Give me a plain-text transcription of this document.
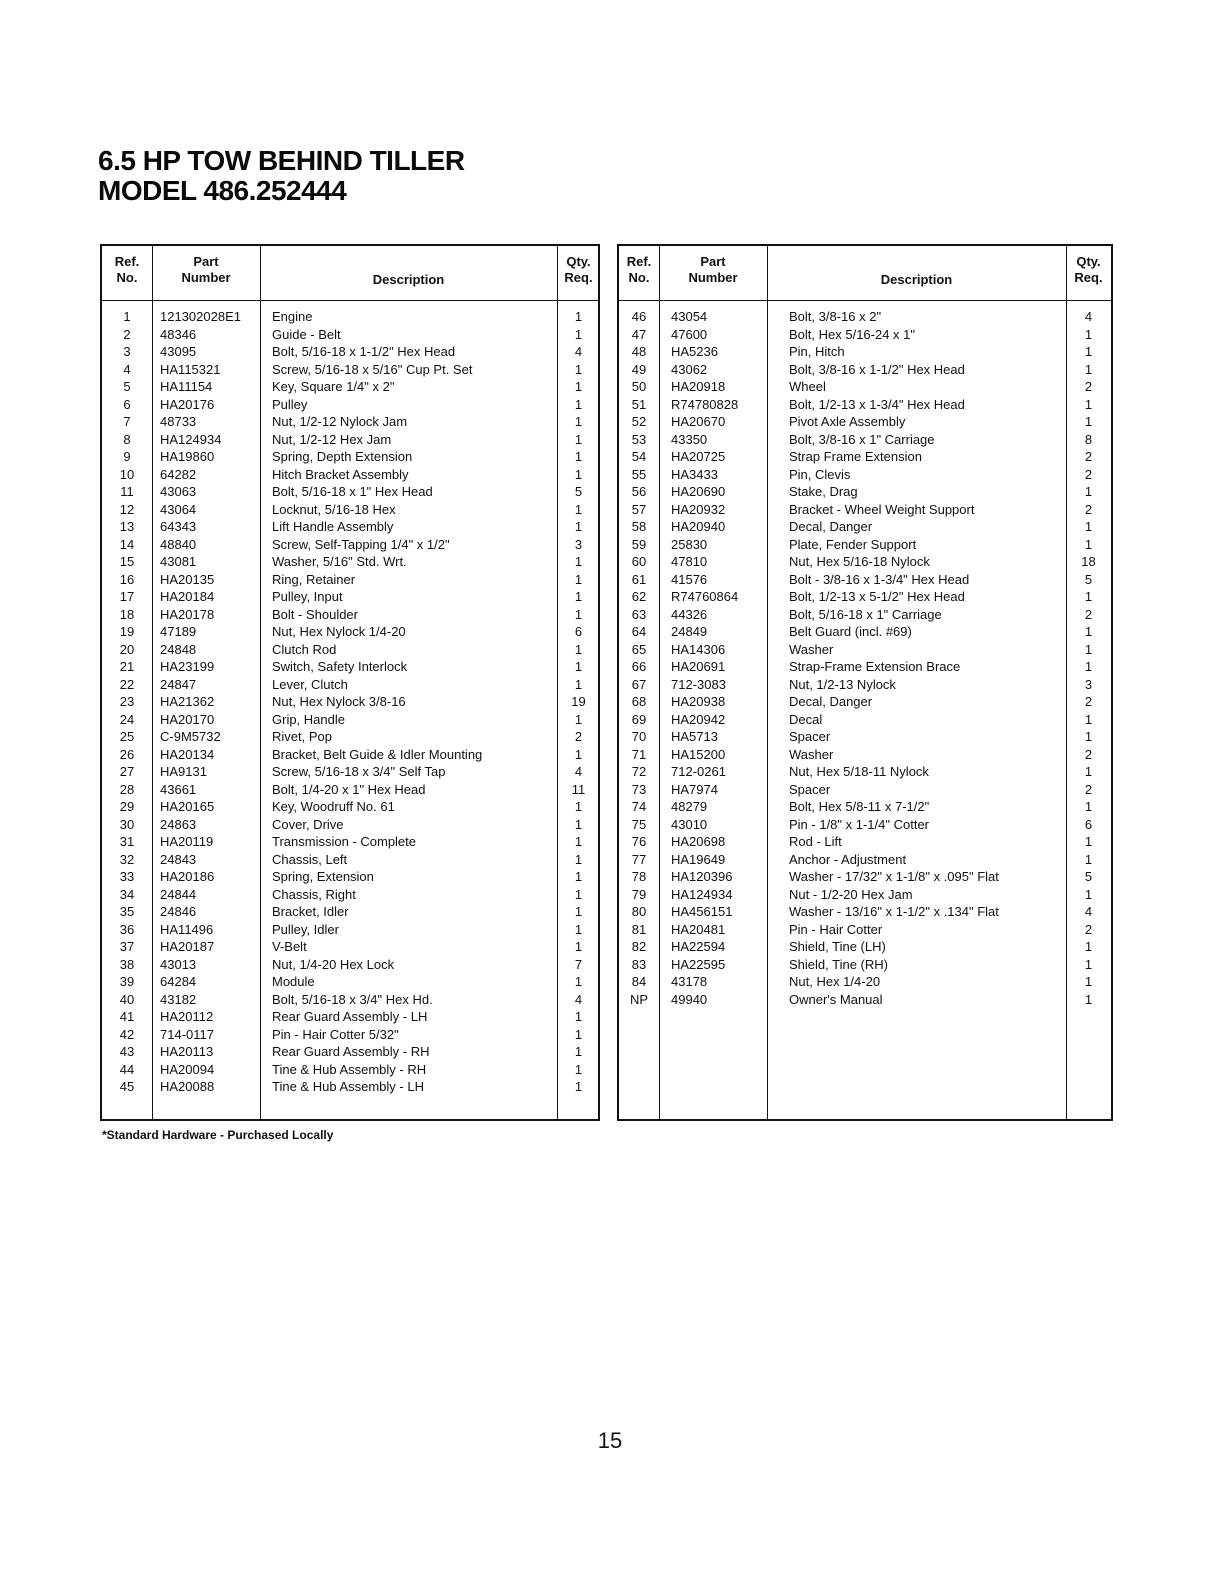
6.5 HP TOW BEHIND TILLER
MODEL 486.252444
Ref.
No.
Part
Number	Description
Qty.
Req.
1	121302028E1 Engine	1
2	48346	Guide - Belt	1
3	43095	Bolt, 5/16-18 x 1-1/2" Hex Head	4
4	HA115321	Screw, 5/16-18 x 5/16" Cup Pt. Set	1
5	HA11154	Key, Square 1/4" x 2"	1
6	HA20176	Pulley	1
7	48733	Nut, 1/2-12 Nylock Jam	1
8	HA124934	Nut, 1/2-12 Hex Jam	1
9	HA19860	Spring, Depth Extension	1
10	64282	Hitch Bracket Assembly	1
11	43063	Bolt, 5/16-18 x 1" Hex Head	5
12	43064	Locknut, 5/16-18 Hex	1
13	64343	Lift Handle Assembly	1
14	48840	Screw, Self-Tapping 1/4" x 1/2"	3
15	43081	Washer, 5/16" Std. Wrt.	1
16	HA20135	Ring, Retainer	1
17	HA20184	Pulley, Input	1
18	HA20178	Bolt - Shoulder	1
19	47189	Nut, Hex Nylock 1/4-20	6
20	24848	Clutch Rod	1
21	HA23199	Switch, Safety Interlock	1
22	24847	Lever, Clutch	1
23	HA21362	Nut, Hex Nylock 3/8-16	19
24	HA20170	Grip, Handle	1
25	C-9M5732	Rivet, Pop	2
26	HA20134	Bracket, Belt Guide & Idler Mounting	1
27	HA9131	Screw, 5/16-18 x 3/4" Self Tap	4
28	43661	Bolt, 1/4-20 x 1" Hex Head	11
29	HA20165	Key, Woodruff No. 61	1
30	24863	Cover, Drive	1
31	HA20119	Transmission - Complete	1
32	24843	Chassis, Left	1
33	HA20186	Spring, Extension	1
34	24844	Chassis, Right	1
35	24846	Bracket, Idler	1
36	HA11496	Pulley, Idler	1
37	HA20187	V-Belt	1
38	43013	Nut, 1/4-20 Hex Lock	7
39	64284	Module	1
40	43182	Bolt, 5/16-18 x 3/4" Hex Hd.	4
41	HA20112	Rear Guard Assembly - LH	1
42	714-0117	Pin - Hair Cotter 5/32"	1
43	HA20113	Rear Guard Assembly - RH	1
44	HA20094	Tine & Hub Assembly - RH	1
45	HA20088	Tine & Hub Assembly - LH	1
Ref.
No.
Part
Number	Description
Qty.
Req.
46	43054	Bolt, 3/8-16 x 2"	4
47	47600	Bolt, Hex 5/16-24 x 1"	1
48	HA5236	Pin, Hitch	1
49	43062	Bolt, 3/8-16 x 1-1/2" Hex Head	1
50	HA20918	Wheel	2
51	R74780828	Bolt, 1/2-13 x 1-3/4" Hex Head	1
52	HA20670	Pivot Axle Assembly	1
53	43350	Bolt, 3/8-16 x 1" Carriage	8
54	HA20725	Strap Frame Extension	2
55	HA3433	Pin, Clevis	2
56	HA20690	Stake, Drag	1
57	HA20932	Bracket - Wheel Weight Support	2
58	HA20940	Decal, Danger	1
59	25830	Plate, Fender Support	1
60	47810	Nut, Hex 5/16-18 Nylock	18
61	41576	Bolt - 3/8-16 x 1-3/4" Hex Head	5
62	R74760864	Bolt, 1/2-13 x 5-1/2" Hex Head	1
63	44326	Bolt, 5/16-18 x 1" Carriage	2
64	24849	Belt Guard (incl. #69)	1
65	HA14306	Washer	1
66	HA20691	Strap-Frame Extension Brace	1
67	712-3083	Nut, 1/2-13 Nylock	3
68	HA20938	Decal, Danger	2
69	HA20942	Decal	1
70	HA5713	Spacer	1
71	HA15200	Washer	2
72	712-0261	Nut, Hex 5/18-11 Nylock	1
73	HA7974	Spacer	2
74	48279	Bolt, Hex 5/8-11 x 7-1/2"	1
75	43010	Pin - 1/8" x 1-1/4" Cotter	6
76	HA20698	Rod - Lift	1
77	HA19649	Anchor - Adjustment	1
78	HA120396	Washer - 17/32" x 1-1/8" x .095" Flat	5
79	HA124934	Nut - 1/2-20 Hex Jam	1
80	HA456151	Washer - 13/16" x 1-1/2" x .134" Flat	4
81	HA20481	Pin - Hair Cotter	2
82	HA22594	Shield, Tine (LH)	1
83	HA22595	Shield, Tine (RH)	1
84	43178	Nut, Hex 1/4-20	1
NP	49940	Owner's Manual	1
*Standard Hardware - Purchased Locally
15
